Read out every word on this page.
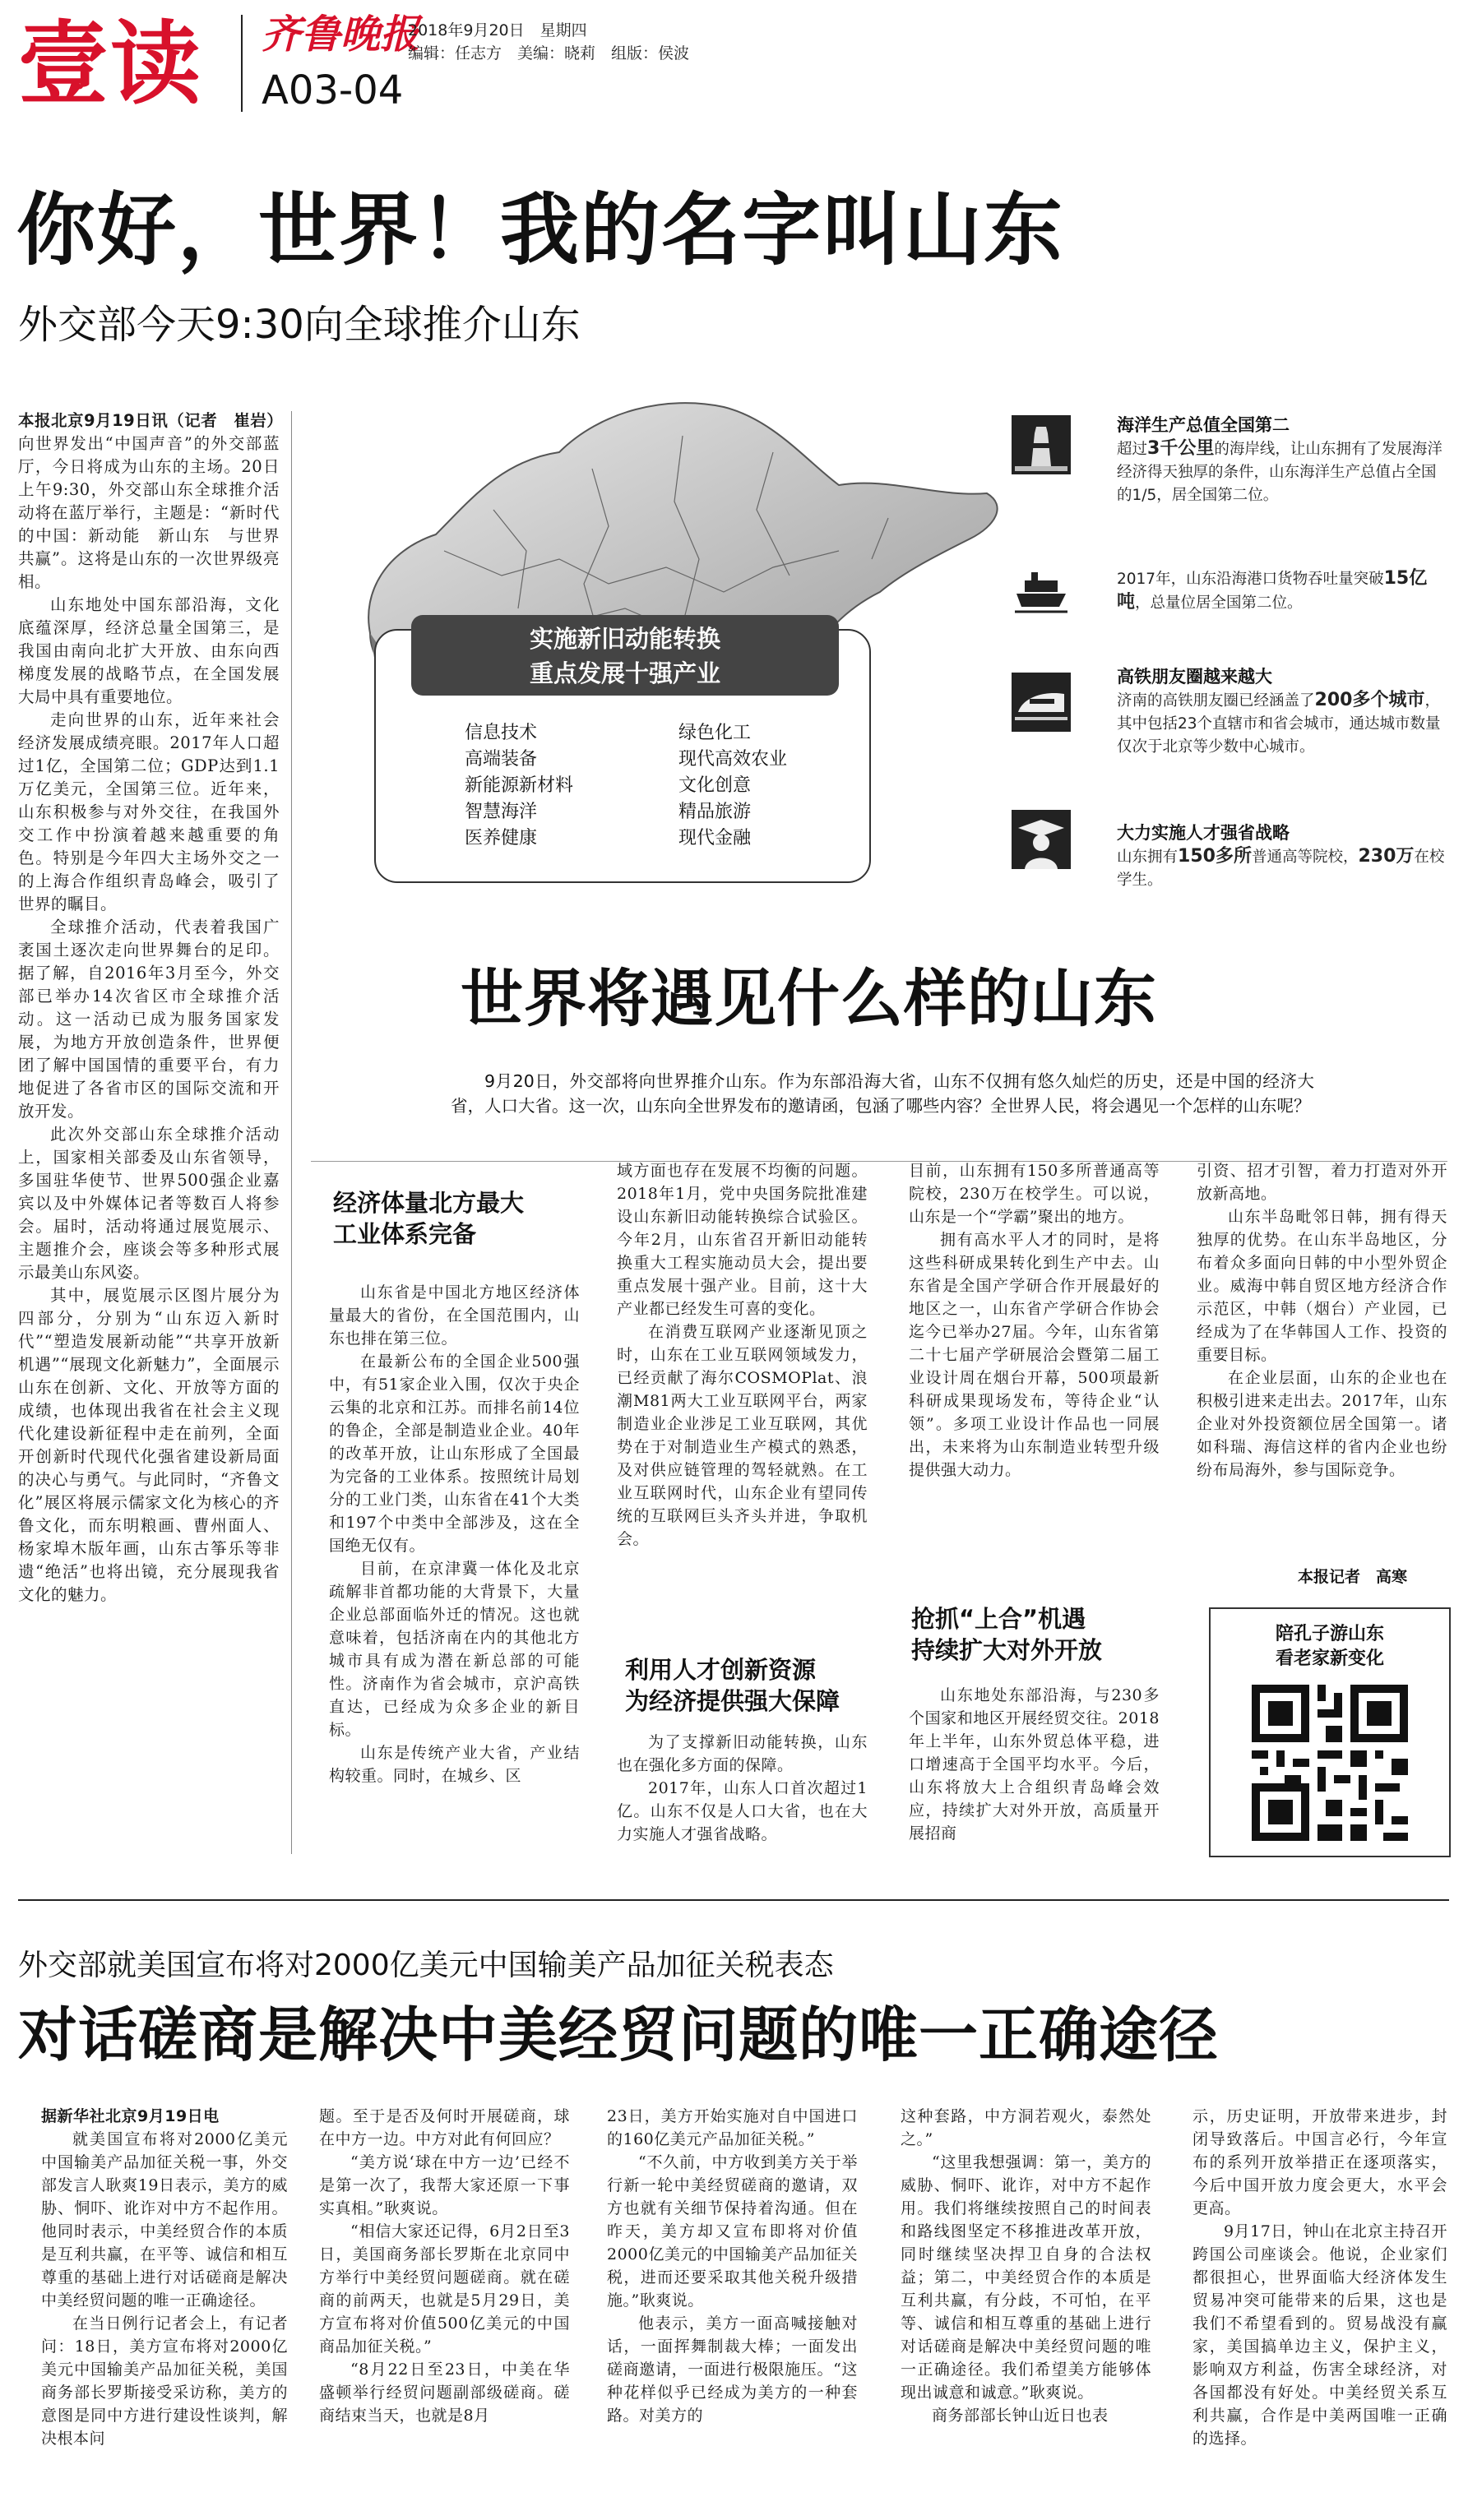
壹读	齐鲁晚报
2018年9月20日　星期四
编辑：任志方　美编：晓莉　组版：侯波
A03-04
你好，世界！我的名字叫山东
外交部今天9:30向全球推介山东

本报北京9月19日讯（记者　崔岩）向世界发出“中国声音”的外交部蓝厅，今日将成为山东的主场。20日上午9:30，外交部山东全球推介活动将在蓝厅举行，主题是：“新时代的中国：新动能　新山东　与世界共赢”。这将是山东的一次世界级亮相。

山东地处中国东部沿海，文化底蕴深厚，经济总量全国第三，是我国由南向北扩大开放、由东向西梯度发展的战略节点，在全国发展大局中具有重要地位。

走向世界的山东，近年来社会经济发展成绩亮眼。2017年人口超过1亿，全国第二位；GDP达到1.1万亿美元，全国第三位。近年来，山东积极参与对外交往，在我国外交工作中扮演着越来越重要的角色。特别是今年四大主场外交之一的上海合作组织青岛峰会，吸引了世界的瞩目。

全球推介活动，代表着我国广袤国土逐次走向世界舞台的足印。据了解，自2016年3月至今，外交部已举办14次省区市全球推介活动。这一活动已成为服务国家发展，为地方开放创造条件，世界便团了解中国国情的重要平台，有力地促进了各省市区的国际交流和开放开发。

此次外交部山东全球推介活动上，国家相关部委及山东省领导，多国驻华使节、世界500强企业嘉宾以及中外媒体记者等数百人将参会。届时，活动将通过展览展示、主题推介会，座谈会等多种形式展示最美山东风姿。

其中，展览展示区图片展分为四部分，分别为“山东迈入新时代”“塑造发展新动能”“共享开放新机遇”“展现文化新魅力”，全面展示山东在创新、文化、开放等方面的成绩，也体现出我省在社会主义现代化建设新征程中走在前列，全面开创新时代现代化强省建设新局面的决心与勇气。与此同时，“齐鲁文化”展区将展示儒家文化为核心的齐鲁文化，而东明粮画、曹州面人、杨家埠木版年画，山东古筝乐等非遗“绝活”也将出镜，充分展现我省文化的魅力。

实施新旧动能转换
重点发展十强产业
信息技术
高端装备
新能源新材料
智慧海洋
医养健康
绿色化工
现代高效农业
文化创意
精品旅游
现代金融
海洋生产总值全国第二
超过3千公里的海岸线，让山东拥有了发展海洋经济得天独厚的条件，山东海洋生产总值占全国的1/5，居全国第二位。
2017年，山东沿海港口货物吞吐量突破15亿吨，总量位居全国第二位。
高铁朋友圈越来越大
济南的高铁朋友圈已经涵盖了200多个城市，其中包括23个直辖市和省会城市，通达城市数量仅次于北京等少数中心城市。
大力实施人才强省战略
山东拥有150多所普通高等院校，230万在校学生。
世界将遇见什么样的山东
9月20日，外交部将向世界推介山东。作为东部沿海大省，山东不仅拥有悠久灿烂的历史，还是中国的经济大省，人口大省。这一次，山东向全世界发布的邀请函，包涵了哪些内容？全世界人民，将会遇见一个怎样的山东呢？
经济体量北方最大
工业体系完备

山东省是中国北方地区经济体量最大的省份，在全国范围内，山东也排在第三位。

在最新公布的全国企业500强中，有51家企业入围，仅次于央企云集的北京和江苏。而排名前14位的鲁企，全部是制造业企业。40年的改革开放，让山东形成了全国最为完备的工业体系。按照统计局划分的工业门类，山东省在41个大类和197个中类中全部涉及，这在全国绝无仅有。

目前，在京津冀一体化及北京疏解非首都功能的大背景下，大量企业总部面临外迁的情况。这也就意味着，包括济南在内的其他北方城市具有成为潜在新总部的可能性。济南作为省会城市，京沪高铁直达，已经成为众多企业的新目标。

山东是传统产业大省，产业结构较重。同时，在城乡、区

域方面也存在发展不均衡的问题。2018年1月，党中央国务院批准建设山东新旧动能转换综合试验区。今年2月，山东省召开新旧动能转换重大工程实施动员大会，提出要重点发展十强产业。目前，这十大产业都已经发生可喜的变化。

在消费互联网产业逐渐见顶之时，山东在工业互联网领域发力，已经贡献了海尔COSMOPlat、浪潮M81两大工业互联网平台，两家制造业企业涉足工业互联网，其优势在于对制造业生产模式的熟悉，及对供应链管理的驾轻就熟。在工业互联网时代，山东企业有望同传统的互联网巨头齐头并进，争取机会。

利用人才创新资源
为经济提供强大保障

为了支撑新旧动能转换，山东也在强化多方面的保障。

2017年，山东人口首次超过1亿。山东不仅是人口大省，也在大力实施人才强省战略。

目前，山东拥有150多所普通高等院校，230万在校学生。可以说，山东是一个“学霸”聚出的地方。

拥有高水平人才的同时，是将这些科研成果转化到生产中去。山东省是全国产学研合作开展最好的地区之一，山东省产学研合作协会迄今已举办27届。今年，山东省第二十七届产学研展洽会暨第二届工业设计周在烟台开幕，500项最新科研成果现场发布，等待企业“认领”。多项工业设计作品也一同展出，未来将为山东制造业转型升级提供强大动力。

抢抓“上合”机遇
持续扩大对外开放

山东地处东部沿海，与230多个国家和地区开展经贸交往。2018年上半年，山东外贸总体平稳，进口增速高于全国平均水平。今后，山东将放大上合组织青岛峰会效应，持续扩大对外开放，高质量开展招商

引资、招才引智，着力打造对外开放新高地。

山东半岛毗邻日韩，拥有得天独厚的优势。在山东半岛地区，分布着众多面向日韩的中小型外贸企业。威海中韩自贸区地方经济合作示范区，中韩（烟台）产业园，已经成为了在华韩国人工作、投资的重要目标。

在企业层面，山东的企业也在积极引进来走出去。2017年，山东企业对外投资额位居全国第一。诸如科瑞、海信这样的省内企业也纷纷布局海外，参与国际竞争。

本报记者　高寒
陪孔子游山东
看老家新变化
外交部就美国宣布将对2000亿美元中国输美产品加征关税表态
对话磋商是解决中美经贸问题的唯一正确途径

据新华社北京9月19日电

就美国宣布将对2000亿美元中国输美产品加征关税一事，外交部发言人耿爽19日表示，美方的威胁、恫吓、讹诈对中方不起作用。他同时表示，中美经贸合作的本质是互利共赢，在平等、诚信和相互尊重的基础上进行对话磋商是解决中美经贸问题的唯一正确途径。

在当日例行记者会上，有记者问：18日，美方宣布将对2000亿美元中国输美产品加征关税，美国商务部长罗斯接受采访称，美方的意图是同中方进行建设性谈判，解决根本问

题。至于是否及何时开展磋商，球在中方一边。中方对此有何回应？

“美方说‘球在中方一边’已经不是第一次了，我帮大家还原一下事实真相。”耿爽说。

“相信大家还记得，6月2日至3日，美国商务部长罗斯在北京同中方举行中美经贸问题磋商。就在磋商的前两天，也就是5月29日，美方宣布将对价值500亿美元的中国商品加征关税。”

“8月22日至23日，中美在华盛顿举行经贸问题副部级磋商。磋商结束当天，也就是8月

23日，美方开始实施对自中国进口的160亿美元产品加征关税。”

“不久前，中方收到美方关于举行新一轮中美经贸磋商的邀请，双方也就有关细节保持着沟通。但在昨天，美方却又宣布即将对价值2000亿美元的中国输美产品加征关税，进而还要采取其他关税升级措施。”耿爽说。

他表示，美方一面高喊接触对话，一面挥舞制裁大棒；一面发出磋商邀请，一面进行极限施压。“这种花样似乎已经成为美方的一种套路。对美方的

这种套路，中方洞若观火，泰然处之。”

“这里我想强调：第一，美方的威胁、恫吓、讹诈，对中方不起作用。我们将继续按照自己的时间表和路线图坚定不移推进改革开放，同时继续坚决捍卫自身的合法权益；第二，中美经贸合作的本质是互利共赢，有分歧，不可怕，在平等、诚信和相互尊重的基础上进行对话磋商是解决中美经贸问题的唯一正确途径。我们希望美方能够体现出诚意和诚意。”耿爽说。

商务部部长钟山近日也表

示，历史证明，开放带来进步，封闭导致落后。中国言必行，今年宣布的系列开放举措正在逐项落实，今后中国开放力度会更大，水平会更高。

9月17日，钟山在北京主持召开跨国公司座谈会。他说，企业家们都很担心，世界面临大经济体发生贸易冲突可能带来的后果，这也是我们不希望看到的。贸易战没有赢家，美国搞单边主义，保护主义，影响双方利益，伤害全球经济，对各国都没有好处。中美经贸关系互利共赢，合作是中美两国唯一正确的选择。
